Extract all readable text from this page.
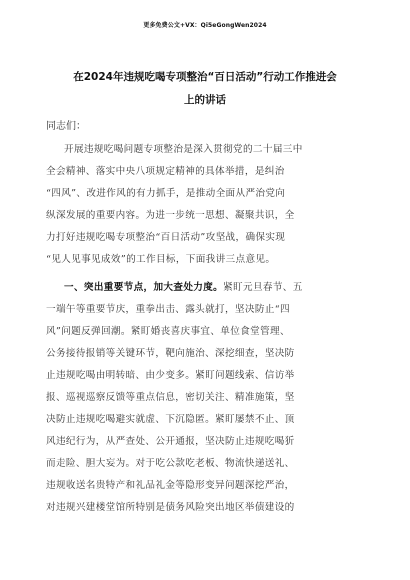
更多免费公文+VX：Qi5eGongWen2024
在2024年违规吃喝专项整治“百日活动”行动工作推进会
上的讲话
同志们：
开展违规吃喝问题专项整治是深入贯彻党的二十届三中
全会精神、落实中央八项规定精神的具体举措，是纠治
“四风”、改进作风的有力抓手，是推动全面从严治党向
纵深发展的重要内容。为进一步统一思想、凝聚共识，全
力打好违规吃喝专项整治“百日活动”攻坚战，确保实现
“见人见事见成效”的工作目标，下面我讲三点意见。
一、突出重要节点，加大查处力度。紧盯元旦春节、五
一端午等重要节庆，重拳出击、露头就打，坚决防止“四
风”问题反弹回潮。紧盯婚丧喜庆事宜、单位食堂管理、
公务接待报销等关键环节，靶向施治、深挖细查，坚决防
止违规吃喝由明转暗、由少变多。紧盯问题线索、信访举
报、巡视巡察反馈等重点信息，密切关注、精准施策，坚
决防止违规吃喝避实就虚、下沉隐匿。紧盯屡禁不止、顶
风违纪行为，从严查处、公开通报，坚决防止违规吃喝㹞
而走险、胆大妄为。对于吃公款吃老板、物流快递送礼、
违规收送名贵特产和礼品礼金等隐形变异问题深挖严治，
对违规兴建楼堂馆所特别是债务风险突出地区举债建设的
